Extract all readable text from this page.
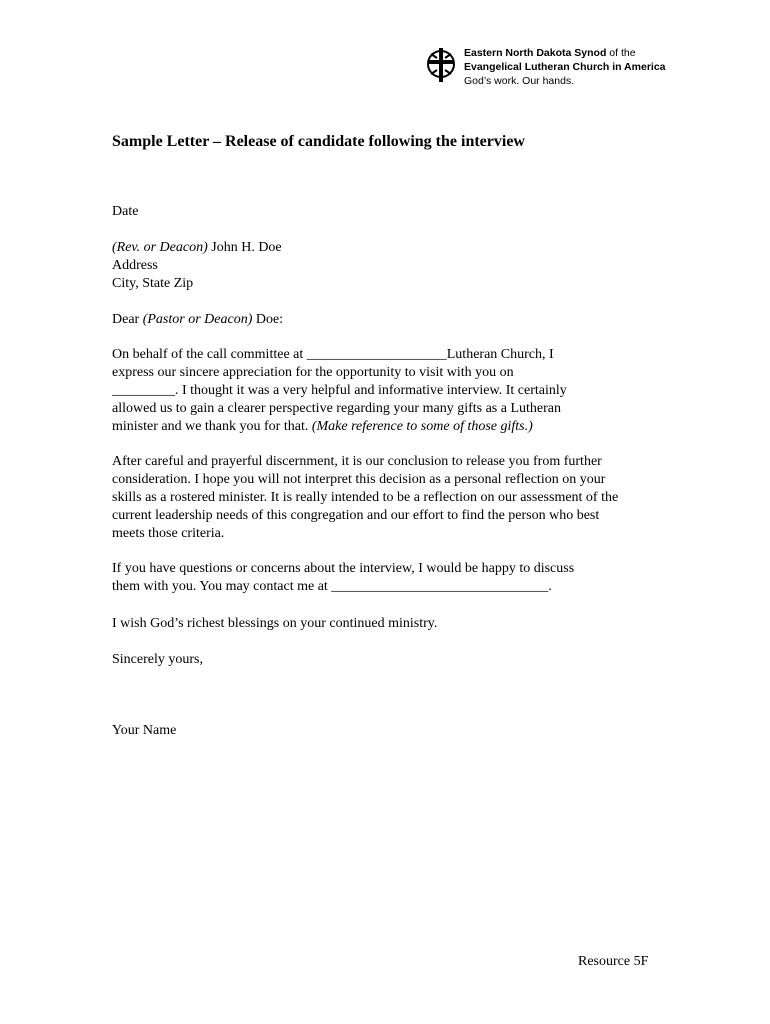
Eastern North Dakota Synod of the
Evangelical Lutheran Church in America
God’s work. Our hands.
Sample Letter – Release of candidate following the interview
Date
(Rev. or Deacon) John H. Doe
Address
City, State Zip
Dear (Pastor or Deacon) Doe:
On behalf of the call committee at ____________________Lutheran Church, I
express our sincere appreciation for the opportunity to visit with you on
_________. I thought it was a very helpful and informative interview. It certainly
allowed us to gain a clearer perspective regarding your many gifts as a Lutheran
minister and we thank you for that. (Make reference to some of those gifts.)
After careful and prayerful discernment, it is our conclusion to release you from further
consideration. I hope you will not interpret this decision as a personal reflection on your
skills as a rostered minister. It is really intended to be a reflection on our assessment of the
current leadership needs of this congregation and our effort to find the person who best
meets those criteria.
If you have questions or concerns about the interview, I would be happy to discuss
them with you. You may contact me at _______________________________.
I wish God’s richest blessings on your continued ministry.
Sincerely yours,
Your Name
Resource 5F
